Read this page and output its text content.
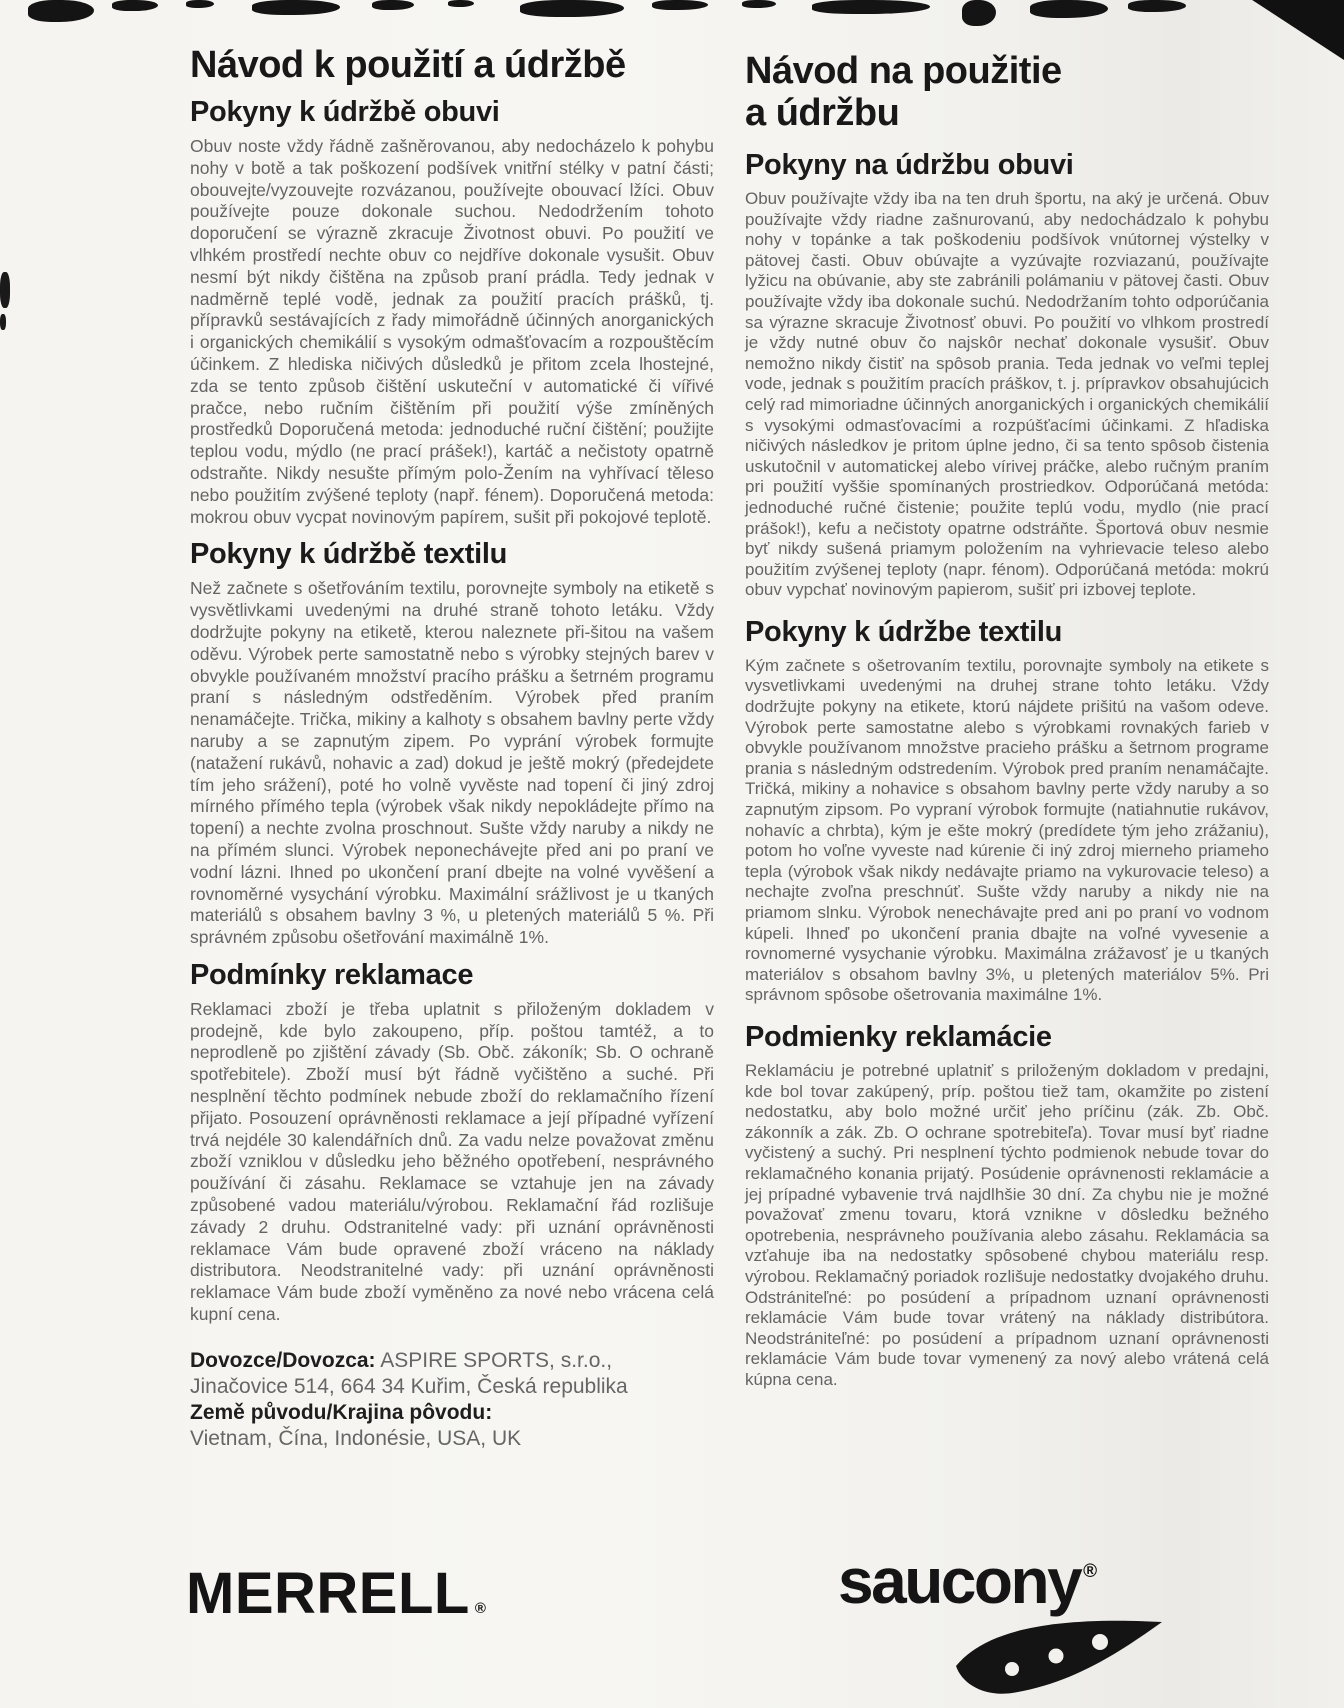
Návod k použití a údržbě
Pokyny k údržbě obuvi

Obuv noste vždy řádně zašněrovanou, aby nedocházelo k pohybu nohy v botě a tak poškození podšívek vnitřní stélky v patní části; obouvejte/vyzouvejte rozvázanou, používejte obouvací lžíci. Obuv používejte pouze dokonale suchou. Nedodržením tohoto doporučení se výrazně zkracuje Životnost obuvi. Po použití ve vlhkém prostředí nechte obuv co nejdříve dokonale vysušit. Obuv nesmí být nikdy čištěna na způsob praní prádla. Tedy jednak v nadměrně teplé vodě, jednak za použití pracích prášků, tj. přípravků sestávajících z řady mimořádně účinných anorganických i organických chemikálií s vysokým odmašťovacím a rozpouštěcím účinkem. Z hlediska ničivých důsledků je přitom zcela lhostejné, zda se tento způsob čištění uskuteční v automatické či vířivé pračce, nebo ručním čištěním při použití výše zmíněných prostředků Doporučená metoda: jednoduché ruční čištění; použijte teplou vodu, mýdlo (ne prací prášek!), kartáč a nečistoty opatrně odstraňte. Nikdy nesušte přímým polo-Žením na vyhřívací těleso nebo použitím zvýšené teploty (např. fénem). Doporučená metoda: mokrou obuv vycpat novinovým papírem, sušit při pokojové teplotě.

Pokyny k údržbě textilu

Než začnete s ošetřováním textilu, porovnejte symboly na etiketě s vysvětlivkami uvedenými na druhé straně tohoto letáku. Vždy dodržujte pokyny na etiketě, kterou naleznete při-šitou na vašem oděvu. Výrobek perte samostatně nebo s výrobky stejných barev v obvykle používaném množství pracího prášku a šetrném programu praní s následným odstředěním. Výrobek před praním nenamáčejte. Trička, mikiny a kalhoty s obsahem bavlny perte vždy naruby a se zapnutým zipem. Po vyprání výrobek formujte (natažení rukávů, nohavic a zad) dokud je ještě mokrý (předejdete tím jeho srážení), poté ho volně vyvěste nad topení či jiný zdroj mírného přímého tepla (výrobek však nikdy nepokládejte přímo na topení) a nechte zvolna proschnout. Sušte vždy naruby a nikdy ne na přímém slunci. Výrobek neponechávejte před ani po praní ve vodní lázni. Ihned po ukončení praní dbejte na volné vyvěšení a rovnoměrné vysychání výrobku. Maximální srážlivost je u tkaných materiálů s obsahem bavlny 3 %, u pletených materiálů 5 %. Při správném způsobu ošetřování maximálně 1%.

Podmínky reklamace

Reklamaci zboží je třeba uplatnit s přiloženým dokladem v prodejně, kde bylo zakoupeno, příp. poštou tamtéž, a to neprodleně po zjištění závady (Sb. Obč. zákoník; Sb. O ochraně spotřebitele). Zboží musí být řádně vyčištěno a suché. Při nesplnění těchto podmínek nebude zboží do reklamačního řízení přijato. Posouzení oprávněnosti reklamace a její případné vyřízení trvá nejdéle 30 kalendářních dnů. Za vadu nelze považovat změnu zboží vzniklou v důsledku jeho běžného opotřebení, nesprávného používání či zásahu. Reklamace se vztahuje jen na závady způsobené vadou materiálu/výrobou. Reklamační řád rozlišuje závady 2 druhu. Odstranitelné vady: při uznání oprávněnosti reklamace Vám bude opravené zboží vráceno na náklady distributora. Neodstranitelné vady: při uznání oprávněnosti reklamace Vám bude zboží vyměněno za nové nebo vrácena celá kupní cena.

Dovozce/Dovozca: ASPIRE SPORTS, s.r.o.,
Jinačovice 514, 664 34 Kuřim, Česká republika
Země původu/Krajina pôvodu:
Vietnam, Čína, Indonésie, USA, UK
Návod na použitie
a údržbu
Pokyny na údržbu obuvi

Obuv používajte vždy iba na ten druh športu, na aký je určená. Obuv používajte vždy riadne zašnurovanú, aby nedochádzalo k pohybu nohy v topánke a tak poškodeniu podšívok vnútornej výstelky v pätovej časti. Obuv obúvajte a vyzúvajte rozviazanú, používajte lyžicu na obúvanie, aby ste zabránili polámaniu v pätovej časti. Obuv používajte vždy iba dokonale suchú. Nedodržaním tohto odporúčania sa výrazne skracuje Životnosť obuvi. Po použití vo vlhkom prostredí je vždy nutné obuv čo najskôr nechať dokonale vysušiť. Obuv nemožno nikdy čistiť na spôsob prania. Teda jednak vo veľmi teplej vode, jednak s použitím pracích práškov, t. j. prípravkov obsahujúcich celý rad mimoriadne účinných anorganických i organických chemikálií s vysokými odmasťovacími a rozpúšťacími účinkami. Z hľadiska ničivých následkov je pritom úplne jedno, či sa tento spôsob čistenia uskutočnil v automatickej alebo vírivej práčke, alebo ručným praním pri použití vyššie spomínaných prostriedkov. Odporúčaná metóda: jednoduché ručné čistenie; použite teplú vodu, mydlo (nie prací prášok!), kefu a nečistoty opatrne odstráňte. Športová obuv nesmie byť nikdy sušená priamym položením na vyhrievacie teleso alebo použitím zvýšenej teploty (napr. fénom). Odporúčaná metóda: mokrú obuv vypchať novinovým papierom, sušiť pri izbovej teplote.

Pokyny k údržbe textilu

Kým začnete s ošetrovaním textilu, porovnajte symboly na etikete s vysvetlivkami uvedenými na druhej strane tohto letáku. Vždy dodržujte pokyny na etikete, ktorú nájdete prišitú na vašom odeve. Výrobok perte samostatne alebo s výrobkami rovnakých farieb v obvykle používanom množstve pracieho prášku a šetrnom programe prania s následným odstredením. Výrobok pred praním nenamáčajte. Tričká, mikiny a nohavice s obsahom bavlny perte vždy naruby a so zapnutým zipsom. Po vypraní výrobok formujte (natiahnutie rukávov, nohavíc a chrbta), kým je ešte mokrý (predídete tým jeho zrážaniu), potom ho voľne vyveste nad kúrenie či iný zdroj mierneho priameho tepla (výrobok však nikdy nedávajte priamo na vykurovacie teleso) a nechajte zvoľna preschnúť. Sušte vždy naruby a nikdy nie na priamom slnku. Výrobok nenechávajte pred ani po praní vo vodnom kúpeli. Ihneď po ukončení prania dbajte na voľné vyvesenie a rovnomerné vysychanie výrobku. Maximálna zrážavosť je u tkaných materiálov s obsahom bavlny 3%, u pletených materiálov 5%. Pri správnom spôsobe ošetrovania maximálne 1%.

Podmienky reklamácie

Reklamáciu je potrebné uplatniť s priloženým dokladom v predajni, kde bol tovar zakúpený, príp. poštou tiež tam, okamžite po zistení nedostatku, aby bolo možné určiť jeho príčinu (zák. Zb. Obč. zákonník a zák. Zb. O ochrane spotrebiteľa). Tovar musí byť riadne vyčistený a suchý. Pri nesplnení týchto podmienok nebude tovar do reklamačného konania prijatý. Posúdenie oprávnenosti reklamácie a jej prípadné vybavenie trvá najdlhšie 30 dní. Za chybu nie je možné považovať zmenu tovaru, ktorá vznikne v dôsledku bežného opotrebenia, nesprávneho používania alebo zásahu. Reklamácia sa vzťahuje iba na nedostatky spôsobené chybou materiálu resp. výrobou. Reklamačný poriadok rozlišuje nedostatky dvojakého druhu. Odstrániteľné: po posúdení a prípadnom uznaní oprávnenosti reklamácie Vám bude tovar vrátený na náklady distribútora. Neodstrániteľné: po posúdení a prípadnom uznaní oprávnenosti reklamácie Vám bude tovar vymenený za nový alebo vrátená celá kúpna cena.

MERRELL ®	saucony ®
